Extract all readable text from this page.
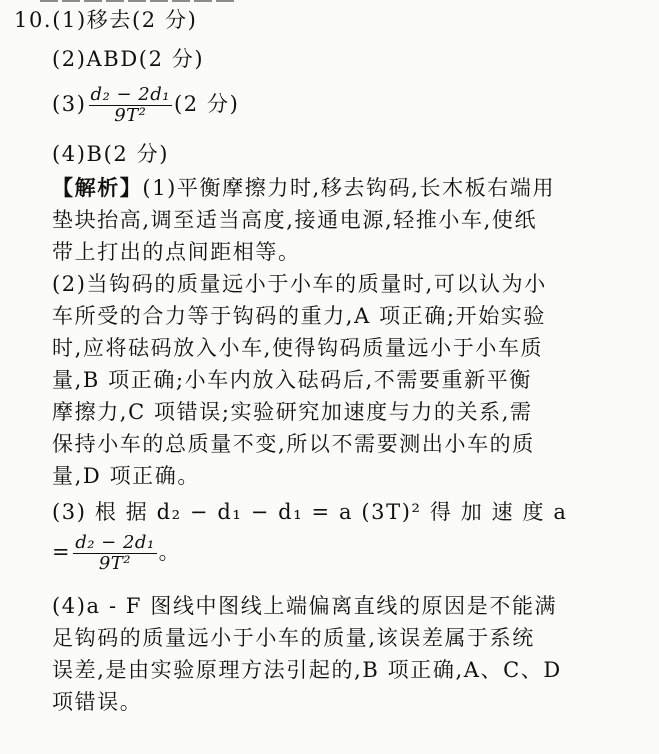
10.(1)移去(2 分)
(2)ABD(2 分)
$(3) \frac{\text{d₂ − 2d₁}}{\text{9T²}} (2$ 分)
(4)B(2 分)
【解析】(1)平衡摩擦力时,移去钩码,长木板右端用
垫块抬高,调至适当高度,接通电源,轻推小车,使纸
带上打出的点间距相等。
(2)当钩码的质量远小于小车的质量时,可以认为小
车所受的合力等于钩码的重力,A 项正确;开始实验
时,应将砝码放入小车,使得钩码质量远小于小车质
量,B 项正确;小车内放入砝码后,不需要重新平衡
摩擦力,C 项错误;实验研究加速度与力的关系,需
保持小车的总质量不变,所以不需要测出小车的质
量,D 项正确。
(3) 根 据 d₂ − d₁ − d₁ = a (3T)² 得 加 速 度 a
= $\frac{\text{d₂ − 2d₁}}{\text{9T²}}$ 。
(4)a - F 图线中图线上端偏离直线的原因是不能满
足钩码的质量远小于小车的质量,该误差属于系统
误差,是由实验原理方法引起的,B 项正确,A、C、D
项错误。
